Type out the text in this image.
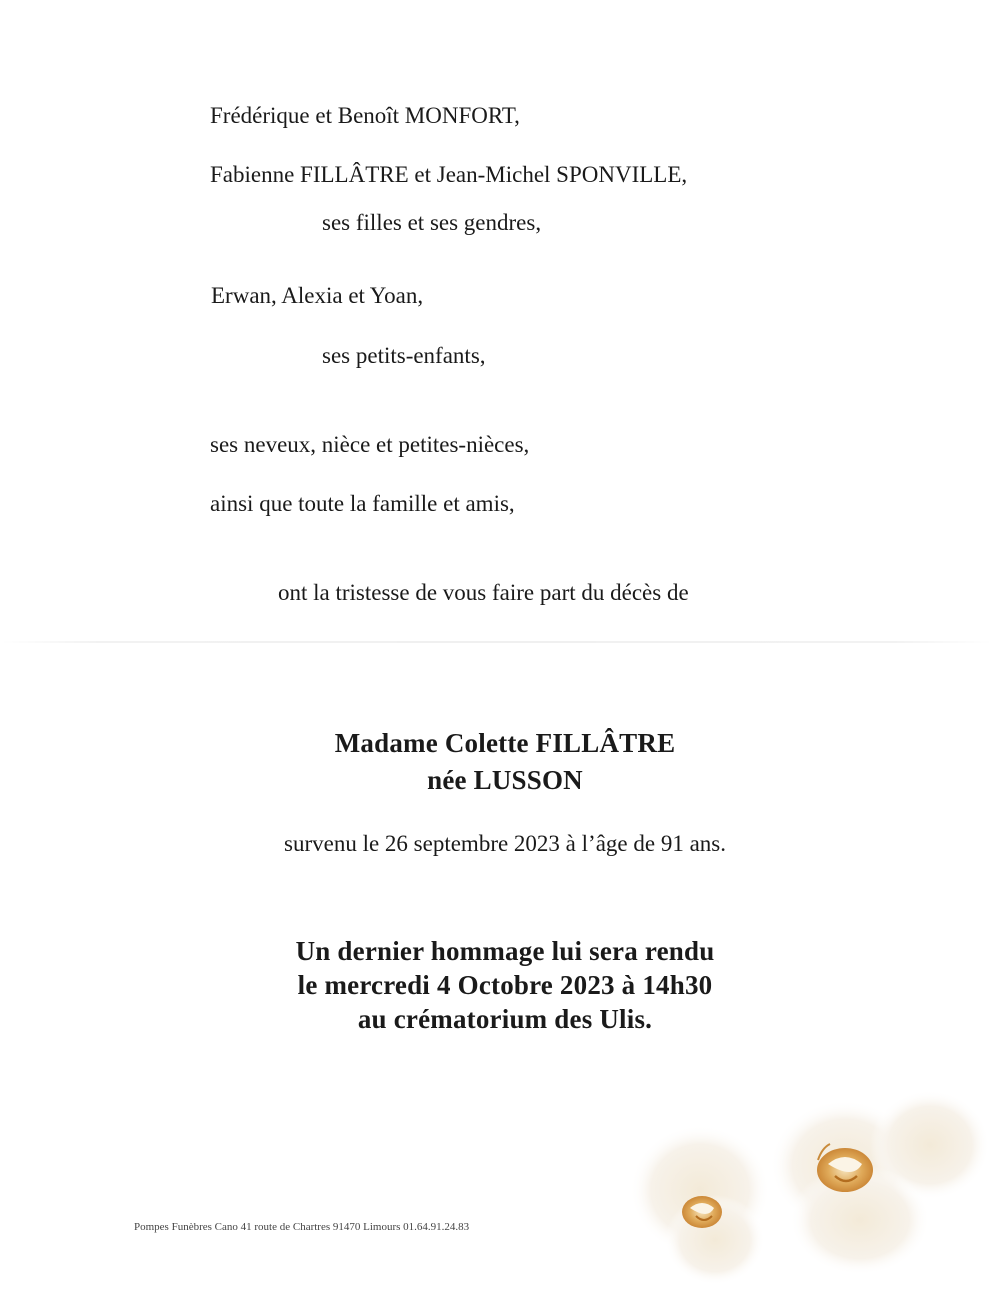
Frédérique et Benoît MONFORT,
Fabienne FILLÂTRE et Jean-Michel SPONVILLE,
ses filles et ses gendres,
Erwan, Alexia et Yoan,
ses petits-enfants,
ses neveux, nièce et petites-nièces,
ainsi que toute la famille et amis,
ont la tristesse de vous faire part du décès de
Madame Colette FILLÂTRE
née LUSSON
survenu le 26 septembre 2023 à l’âge de 91 ans.
Un dernier hommage lui sera rendu
le mercredi 4 Octobre 2023 à 14h30
au crématorium des Ulis.
Pompes Funèbres Cano 41 route de Chartres 91470 Limours 01.64.91.24.83
